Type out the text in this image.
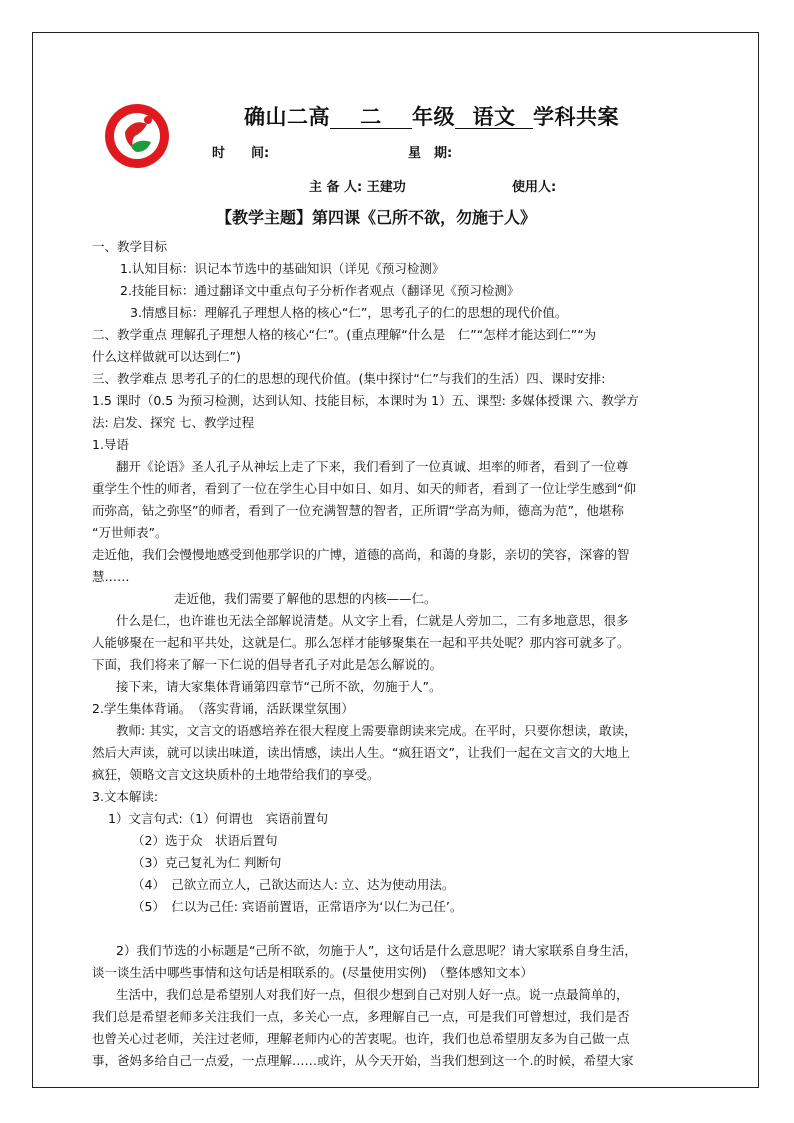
确山二高 二 年级 语文 学科共案
时　　间:	星　期:
主 备 人: 王建功	使用人:
【教学主题】第四课《己所不欲，勿施于人》

一、教学目标

1.认知目标：识记本节选中的基础知识（详见《预习检测》

2.技能目标：通过翻译文中重点句子分析作者观点（翻译见《预习检测》

3.情感目标：理解孔子理想人格的核心“仁”，思考孔子的仁的思想的现代价值。

二、教学重点 理解孔子理想人格的核心“仁”。(重点理解“什么是　仁”“怎样才能达到仁”“为

什么这样做就可以达到仁”)

三、教学难点 思考孔子的仁的思想的现代价值。(集中探讨“仁”与我们的生活）四、课时安排:

1.5 课时（0.5 为预习检测，达到认知、技能目标，本课时为 1）五、课型: 多媒体授课 六、教学方

法: 启发、探究 七、教学过程

1.导语

翻开《论语》圣人孔子从神坛上走了下来，我们看到了一位真诚、坦率的师者，看到了一位尊

重学生个性的师者，看到了一位在学生心目中如日、如月、如天的师者，看到了一位让学生感到“仰

而弥高，钻之弥坚”的师者，看到了一位充满智慧的智者，正所谓“学高为师，德高为范”，他堪称

“万世师表”。

走近他，我们会慢慢地感受到他那学识的广博，道德的高尚，和蔼的身影，亲切的笑容，深睿的智

慧……

走近他，我们需要了解他的思想的内核——仁。

什么是仁，也许谁也无法全部解说清楚。从文字上看，仁就是人旁加二，二有多地意思，很多

人能够聚在一起和平共处，这就是仁。那么怎样才能够聚集在一起和平共处呢？那内容可就多了。

下面，我们将来了解一下仁说的倡导者孔子对此是怎么解说的。

接下来，请大家集体背诵第四章节“己所不欲，勿施于人”。

2.学生集体背诵。　（落实背诵，活跃课堂氛围）

教师: 其实，文言文的语感培养在很大程度上需要靠朗读来完成。在平时，只要你想读，敢读，

然后大声读，就可以读出味道，读出情感，读出人生。“疯狂语文”，让我们一起在文言文的大地上

疯狂，领略文言文这块质朴的土地带给我们的享受。

3.文本解读:

1）文言句式:（1）何谓也　宾语前置句

（2）选于众　状语后置句

（3）克己复礼为仁 判断句

（4）　己欲立而立人，己欲达而达人: 立、达为使动用法。

（5）　仁以为己任: 宾语前置语，正常语序为‘以仁为己任’。

2）我们节选的小标题是“己所不欲，勿施于人”，这句话是什么意思呢？请大家联系自身生活，

谈一谈生活中哪些事情和这句话是相联系的。(尽量使用实例)　（整体感知文本）

生活中，我们总是希望别人对我们好一点，但很少想到自己对别人好一点。说一点最简单的，

我们总是希望老师多关注我们一点，多关心一点，多理解自己一点，可是我们可曾想过，我们是否

也曾关心过老师，关注过老师，理解老师内心的苦衷呢。也许，我们也总希望朋友多为自己做一点

事，爸妈多给自己一点爱，一点理解……或许，从今天开始，当我们想到这一个.的时候，希望大家
